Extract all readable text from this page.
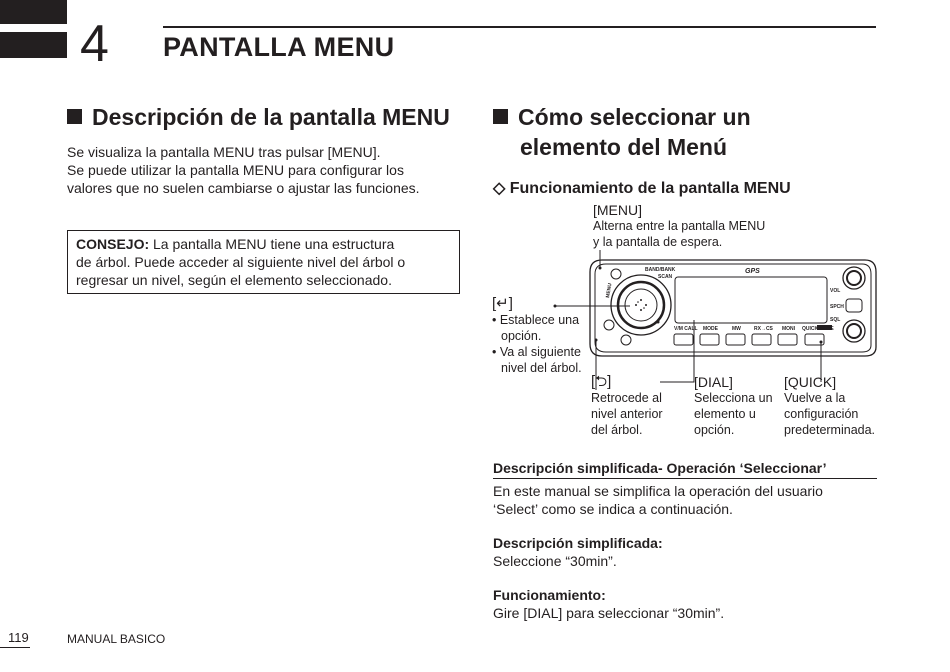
4 PANTALLA MENU
Descripción de la pantalla MENU
Se visualiza la pantalla MENU tras pulsar [MENU].
Se puede utilizar la pantalla MENU para configurar los
valores que no suelen cambiarse o ajustar las funciones.
CONSEJO: La pantalla MENU tiene una estructura
de árbol. Puede acceder al siguiente nivel del árbol o
regresar un nivel, según el elemento seleccionado.
Cómo seleccionar un
elemento del Menú
◇ Funcionamiento de la pantalla MENU
[MENU]
Alterna entre la pantalla MENU
y la pantalla de espera.
[↵]
• Establece una
opción.
• Va al siguiente
nivel del árbol.
BAND/BANK
SCAN
GPS
VOL
SPCH
SQL
V/M CALL MODE	MW	RX→CS MONI QUICK MUTE
MENU
[⮌]
Retrocede al
nivel anterior
del árbol.
[DIAL]
Selecciona un
elemento u
opción.
[QUICK]
Vuelve a la
configuración
predeterminada.
Descripción simplificada- Operación ‘Seleccionar’
En este manual se simplifica la operación del usuario
‘Select’ como se indica a continuación.
Descripción simplificada:
Seleccione “30min”.
Funcionamiento:
Gire [DIAL] para seleccionar “30min”.
119	MANUAL BASICO
